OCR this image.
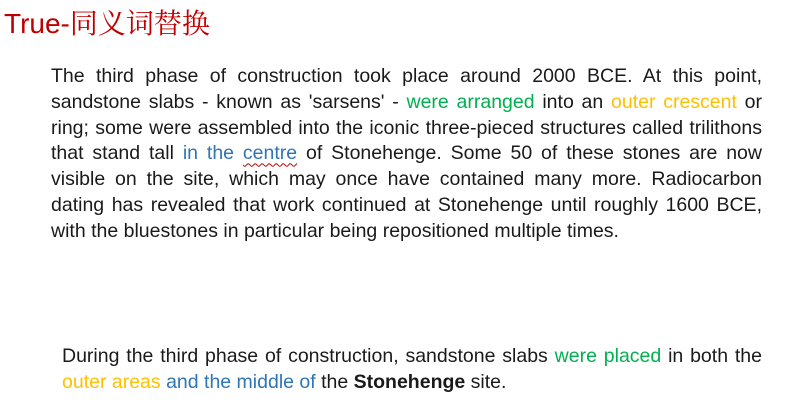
True-同义词替换
The third phase of construction took place around 2000 BCE. At this point, sandstone slabs - known as 'sarsens' - were arranged into an outer crescent or ring; some were assembled into the iconic three-pieced structures called trilithons that stand tall in the centre of Stonehenge. Some 50 of these stones are now visible on the site, which may once have contained many more. Radiocarbon dating has revealed that work continued at Stonehenge until roughly 1600 BCE, with the bluestones in particular being repositioned multiple times.
During the third phase of construction, sandstone slabs were placed in both the outer areas and the middle of the Stonehenge site.
